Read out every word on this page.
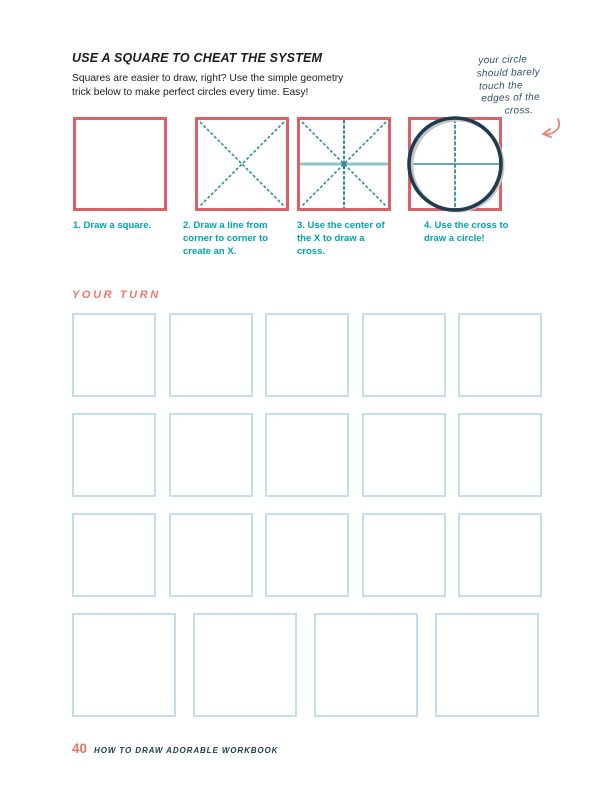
USE A SQUARE TO CHEAT THE SYSTEM
Squares are easier to draw, right? Use the simple geometry
trick below to make perfect circles every time. Easy!
your circle
should barely
touch the
edges of the
cross.
1. Draw a square.	2. Draw a line from corner to corner to create an X.
3. Use the center of the X to draw a cross.
4. Use the cross to draw a circle!
YOUR TURN
40 HOW TO DRAW ADORABLE WORKBOOK
